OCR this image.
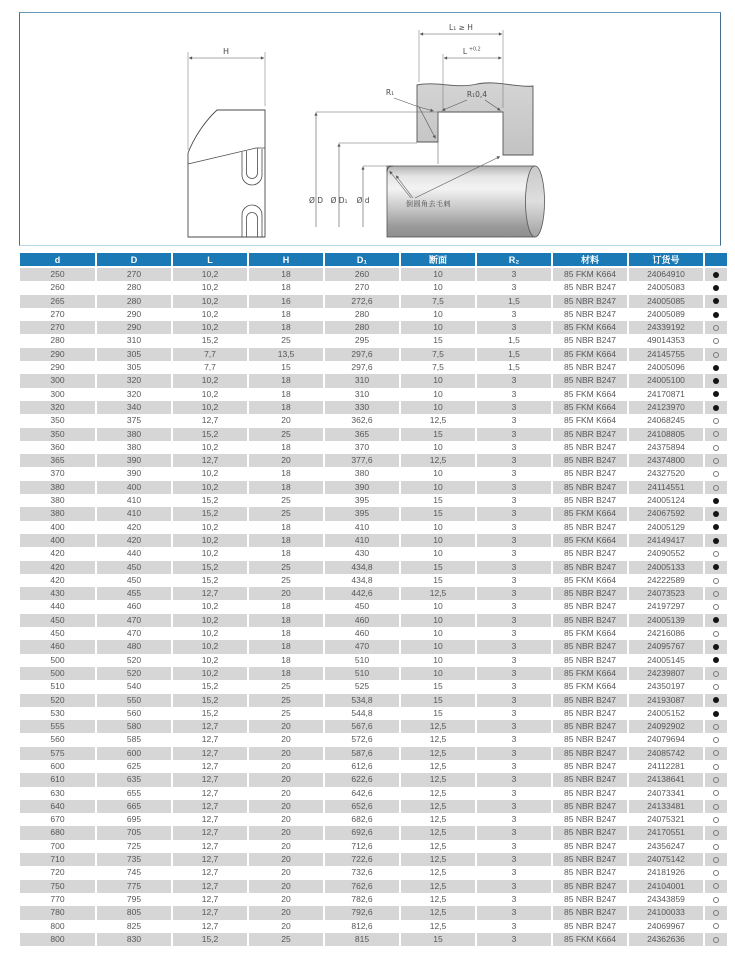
H
L₁ ≥ H
L +0,2
R₁	R₁0,4
Ø D Ø D₁ Ø d	倒圆角去毛刺
d	D	L	H	D₁	断面	R₂	材料	订货号	
250	270	10,2	18	260	10	3	85 FKM K664	24064910	
260	280	10,2	18	270	10	3	85 NBR B247	24005083	
265	280	10,2	16	272,6	7,5	1,5	85 NBR B247	24005085	
270	290	10,2	18	280	10	3	85 NBR B247	24005089	
270	290	10,2	18	280	10	3	85 FKM K664	24339192	
280	310	15,2	25	295	15	1,5	85 NBR B247	49014353	
290	305	7,7	13,5	297,6	7,5	1,5	85 FKM K664	24145755	
290	305	7,7	15	297,6	7,5	1,5	85 NBR B247	24005096	
300	320	10,2	18	310	10	3	85 NBR B247	24005100	
300	320	10,2	18	310	10	3	85 FKM K664	24170871	
320	340	10,2	18	330	10	3	85 FKM K664	24123970	
350	375	12,7	20	362,6	12,5	3	85 FKM K664	24068245	
350	380	15,2	25	365	15	3	85 NBR B247	24108805	
360	380	10,2	18	370	10	3	85 NBR B247	24375894	
365	390	12,7	20	377,6	12,5	3	85 NBR B247	24374800	
370	390	10,2	18	380	10	3	85 NBR B247	24327520	
380	400	10,2	18	390	10	3	85 NBR B247	24114551	
380	410	15,2	25	395	15	3	85 NBR B247	24005124	
380	410	15,2	25	395	15	3	85 FKM K664	24067592	
400	420	10,2	18	410	10	3	85 NBR B247	24005129	
400	420	10,2	18	410	10	3	85 FKM K664	24149417	
420	440	10,2	18	430	10	3	85 NBR B247	24090552	
420	450	15,2	25	434,8	15	3	85 NBR B247	24005133	
420	450	15,2	25	434,8	15	3	85 FKM K664	24222589	
430	455	12,7	20	442,6	12,5	3	85 NBR B247	24073523	
440	460	10,2	18	450	10	3	85 NBR B247	24197297	
450	470	10,2	18	460	10	3	85 NBR B247	24005139	
450	470	10,2	18	460	10	3	85 FKM K664	24216086	
460	480	10,2	18	470	10	3	85 NBR B247	24095767	
500	520	10,2	18	510	10	3	85 NBR B247	24005145	
500	520	10,2	18	510	10	3	85 FKM K664	24239807	
510	540	15,2	25	525	15	3	85 FKM K664	24350197	
520	550	15,2	25	534,8	15	3	85 NBR B247	24193087	
530	560	15,2	25	544,8	15	3	85 NBR B247	24005152	
555	580	12,7	20	567,6	12,5	3	85 NBR B247	24092902	
560	585	12,7	20	572,6	12,5	3	85 NBR B247	24079694	
575	600	12,7	20	587,6	12,5	3	85 NBR B247	24085742	
600	625	12,7	20	612,6	12,5	3	85 NBR B247	24112281	
610	635	12,7	20	622,6	12,5	3	85 NBR B247	24138641	
630	655	12,7	20	642,6	12,5	3	85 NBR B247	24073341	
640	665	12,7	20	652,6	12,5	3	85 NBR B247	24133481	
670	695	12,7	20	682,6	12,5	3	85 NBR B247	24075321	
680	705	12,7	20	692,6	12,5	3	85 NBR B247	24170551	
700	725	12,7	20	712,6	12,5	3	85 NBR B247	24356247	
710	735	12,7	20	722,6	12,5	3	85 NBR B247	24075142	
720	745	12,7	20	732,6	12,5	3	85 NBR B247	24181926	
750	775	12,7	20	762,6	12,5	3	85 NBR B247	24104001	
770	795	12,7	20	782,6	12,5	3	85 NBR B247	24343859	
780	805	12,7	20	792,6	12,5	3	85 NBR B247	24100033	
800	825	12,7	20	812,6	12,5	3	85 NBR B247	24069967	
800	830	15,2	25	815	15	3	85 FKM K664	24362636	
